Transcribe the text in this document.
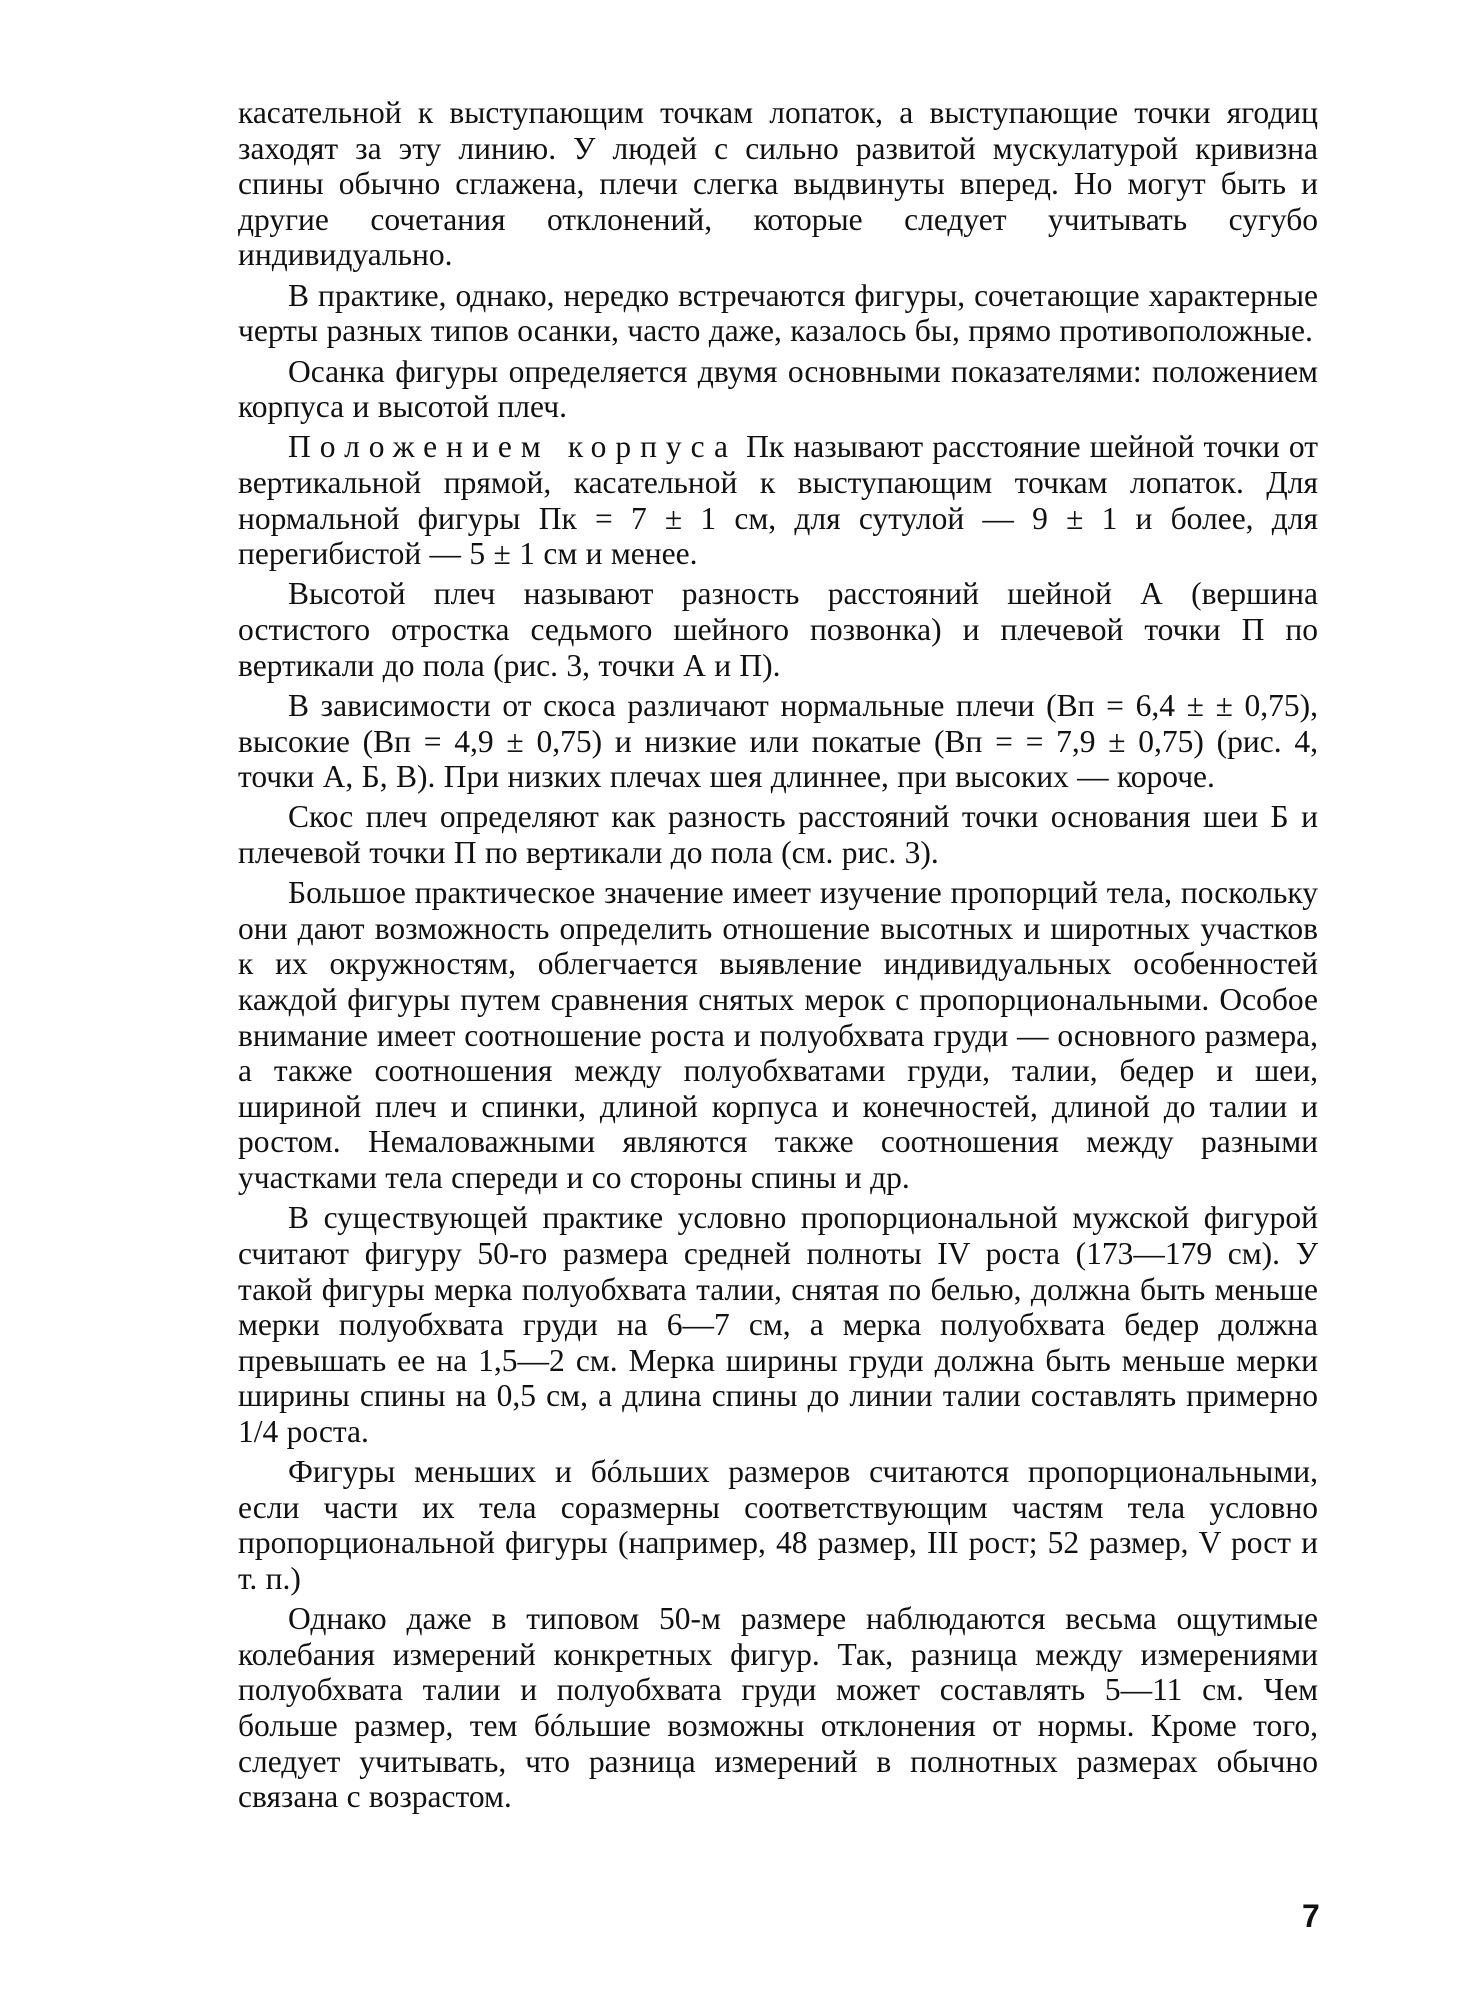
касательной к выступающим точкам лопаток, а выступающие точки ягодиц заходят за эту линию. У людей с сильно развитой мускулатурой кривизна спины обычно сглажена, плечи слегка выдвинуты вперед. Но могут быть и другие сочетания отклонений, которые следует учитывать сугубо индивидуально.

В практике, однако, нередко встречаются фигуры, сочетающие характерные черты разных типов осанки, часто даже, казалось бы, прямо противоположные.

Осанка фигуры определяется двумя основными показателями: положением корпуса и высотой плеч.

Положением корпуса Пк называют расстояние шейной точки от вертикальной прямой, касательной к выступающим точкам лопаток. Для нормальной фигуры Пк = 7 ± 1 см, для сутулой — 9 ± 1 и более, для перегибистой — 5 ± 1 см и менее.

Высотой плеч называют разность расстояний шейной А (вершина остистого отростка седьмого шейного позвонка) и плечевой точки П по вертикали до пола (рис. 3, точки А и П).

В зависимости от скоса различают нормальные плечи (Вп = 6,4 ± ± 0,75), высокие (Вп = 4,9 ± 0,75) и низкие или покатые (Вп = = 7,9 ± 0,75) (рис. 4, точки А, Б, В). При низких плечах шея длиннее, при высоких — короче.

Скос плеч определяют как разность расстояний точки основания шеи Б и плечевой точки П по вертикали до пола (см. рис. 3).

Большое практическое значение имеет изучение пропорций тела, поскольку они дают возможность определить отношение высотных и широтных участков к их окружностям, облегчается выявление индивидуальных особенностей каждой фигуры путем сравнения снятых мерок с пропорциональными. Особое внимание имеет соотношение роста и полуобхвата груди — основного размера, а также соотношения между полуобхватами груди, талии, бедер и шеи, шириной плеч и спинки, длиной корпуса и конечностей, длиной до талии и ростом. Немаловажными являются также соотношения между разными участками тела спереди и со стороны спины и др.

В существующей практике условно пропорциональной мужской фигурой считают фигуру 50-го размера средней полноты IV роста (173—179 см). У такой фигуры мерка полуобхвата талии, снятая по белью, должна быть меньше мерки полуобхвата груди на 6—7 см, а мерка полуобхвата бедер должна превышать ее на 1,5—2 см. Мерка ширины груди должна быть меньше мерки ширины спины на 0,5 см, а длина спины до линии талии составлять примерно 1/4 роста.

Фигуры меньших и бóльших размеров считаются пропорциональными, если части их тела соразмерны соответствующим частям тела условно пропорциональной фигуры (например, 48 размер, III рост; 52 размер, V рост и т. п.)

Однако даже в типовом 50-м размере наблюдаются весьма ощутимые колебания измерений конкретных фигур. Так, разница между измерениями полуобхвата талии и полуобхвата груди может составлять 5—11 см. Чем больше размер, тем бóльшие возможны отклонения от нормы. Кроме того, следует учитывать, что разница измерений в полнотных размерах обычно связана с возрастом.

7
